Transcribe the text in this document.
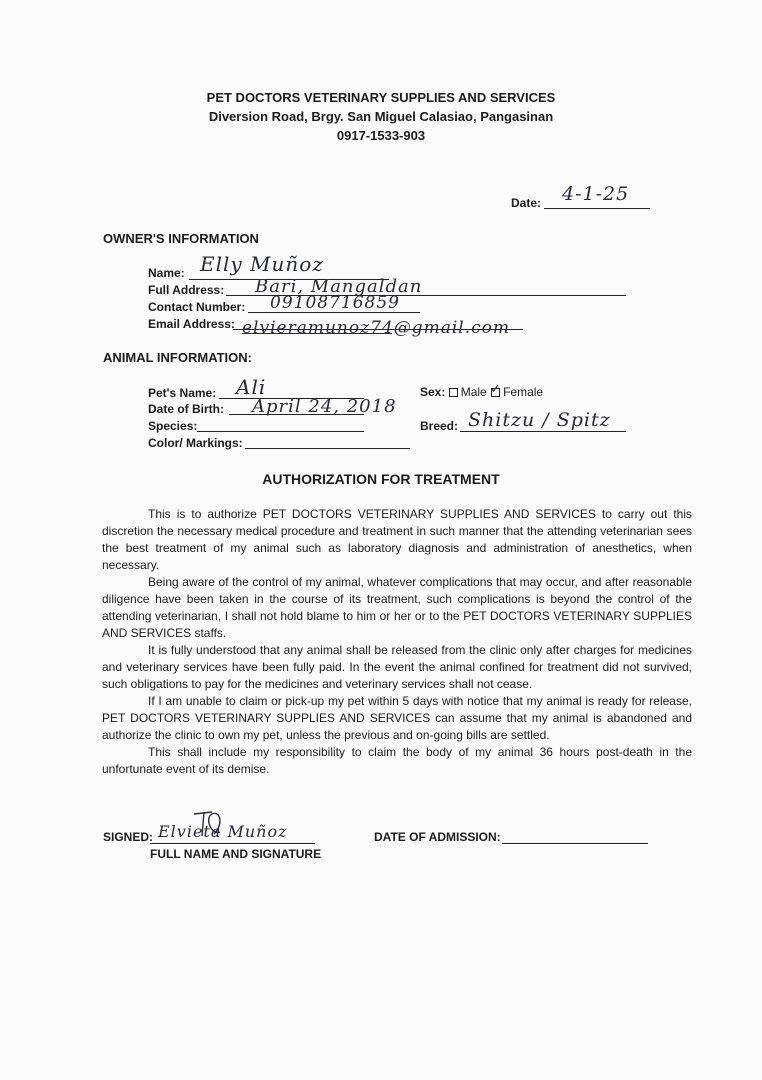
PET DOCTORS VETERINARY SUPPLIES AND SERVICES
Diversion Road, Brgy. San Miguel Calasiao, Pangasinan
0917-1533-903
Date: 4-1-25
OWNER'S INFORMATION
Name: Elly Muñoz
Full Address: Bari, Mangaldan
Contact Number: 09108716859
Email Address: elvieramunoz74@gmail.com
ANIMAL INFORMATION:
Pet's Name: Ali
Date of Birth: April 24, 2018
Species:
Color/ Markings:
Sex: Male ✓ Female
Breed: Shitzu / Spitz
AUTHORIZATION FOR TREATMENT

This is to authorize PET DOCTORS VETERINARY SUPPLIES AND SERVICES to carry out this discretion the necessary medical procedure and treatment in such manner that the attending veterinarian sees the best treatment of my animal such as laboratory diagnosis and administration of anesthetics, when necessary.

Being aware of the control of my animal, whatever complications that may occur, and after reasonable diligence have been taken in the course of its treatment, such complications is beyond the control of the attending veterinarian, I shall not hold blame to him or her or to the PET DOCTORS VETERINARY SUPPLIES AND SERVICES staffs.

It is fully understood that any animal shall be released from the clinic only after charges for medicines and veterinary services have been fully paid. In the event the animal confined for treatment did not survived, such obligations to pay for the medicines and veterinary services shall not cease.

If I am unable to claim or pick-up my pet within 5 days with notice that my animal is ready for release, PET DOCTORS VETERINARY SUPPLIES AND SERVICES can assume that my animal is abandoned and authorize the clinic to own my pet, unless the previous and on-going bills are settled.

This shall include my responsibility to claim the body of my animal 36 hours post-death in the unfortunate event of its demise.

SIGNED: Elvieta Muñoz
FULL NAME AND SIGNATURE
DATE OF ADMISSION:
